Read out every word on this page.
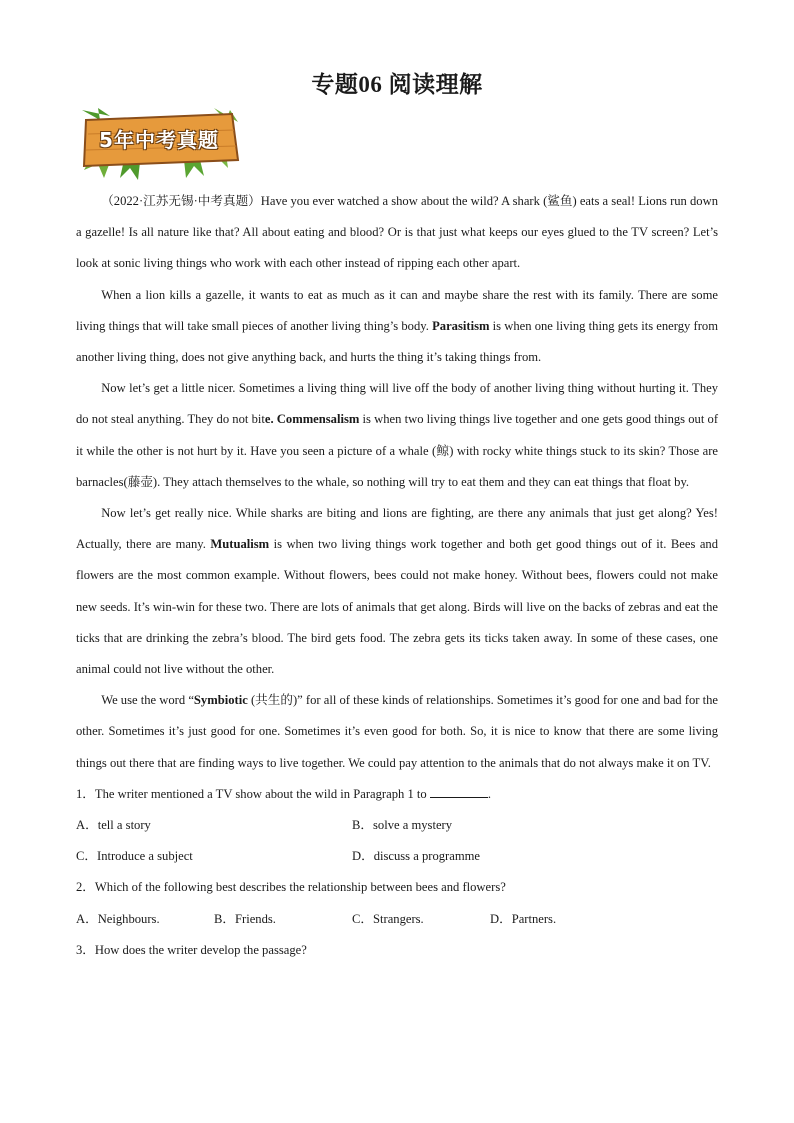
专题06 阅读理解
5年中考真题

（2022·江苏无锡·中考真题）Have you ever watched a show about the wild? A shark (鲨鱼) eats a seal! Lions run down a gazelle! Is all nature like that? All about eating and blood? Or is that just what keeps our eyes glued to the TV screen? Let’s look at sonic living things who work with each other instead of ripping each other apart.

When a lion kills a gazelle, it wants to eat as much as it can and maybe share the rest with its family. There are some living things that will take small pieces of another living thing’s body. Parasitism is when one living thing gets its energy from another living thing, does not give anything back, and hurts the thing it’s taking things from.

Now let’s get a little nicer. Sometimes a living thing will live off the body of another living thing without hurting it. They do not steal anything. They do not bite. Commensalism is when two living things live together and one gets good things out of it while the other is not hurt by it. Have you seen a picture of a whale (鲸) with rocky white things stuck to its skin? Those are barnacles(藤壶). They attach themselves to the whale, so nothing will try to eat them and they can eat things that float by.

Now let’s get really nice. While sharks are biting and lions are fighting, are there any animals that just get along? Yes! Actually, there are many. Mutualism is when two living things work together and both get good things out of it. Bees and flowers are the most common example. Without flowers, bees could not make honey. Without bees, flowers could not make new seeds. It’s win-win for these two. There are lots of animals that get along. Birds will live on the backs of zebras and eat the ticks that are drinking the zebra’s blood. The bird gets food. The zebra gets its ticks taken away. In some of these cases, one animal could not live without the other.

We use the word “Symbiotic (共生的)” for all of these kinds of relationships. Sometimes it’s good for one and bad for the other. Sometimes it’s just good for one. Sometimes it’s even good for both. So, it is nice to know that there are some living things out there that are finding ways to live together. We could pay attention to the animals that do not always make it on TV.

1．The writer mentioned a TV show about the wild in Paragraph 1 to	.

A．tell a story	B．solve a mystery
C．Introduce a subject	D．discuss a programme

2．Which of the following best describes the relationship between bees and flowers?

A．Neighbours.	B．Friends.	C．Strangers.	D．Partners.

3．How does the writer develop the passage?
